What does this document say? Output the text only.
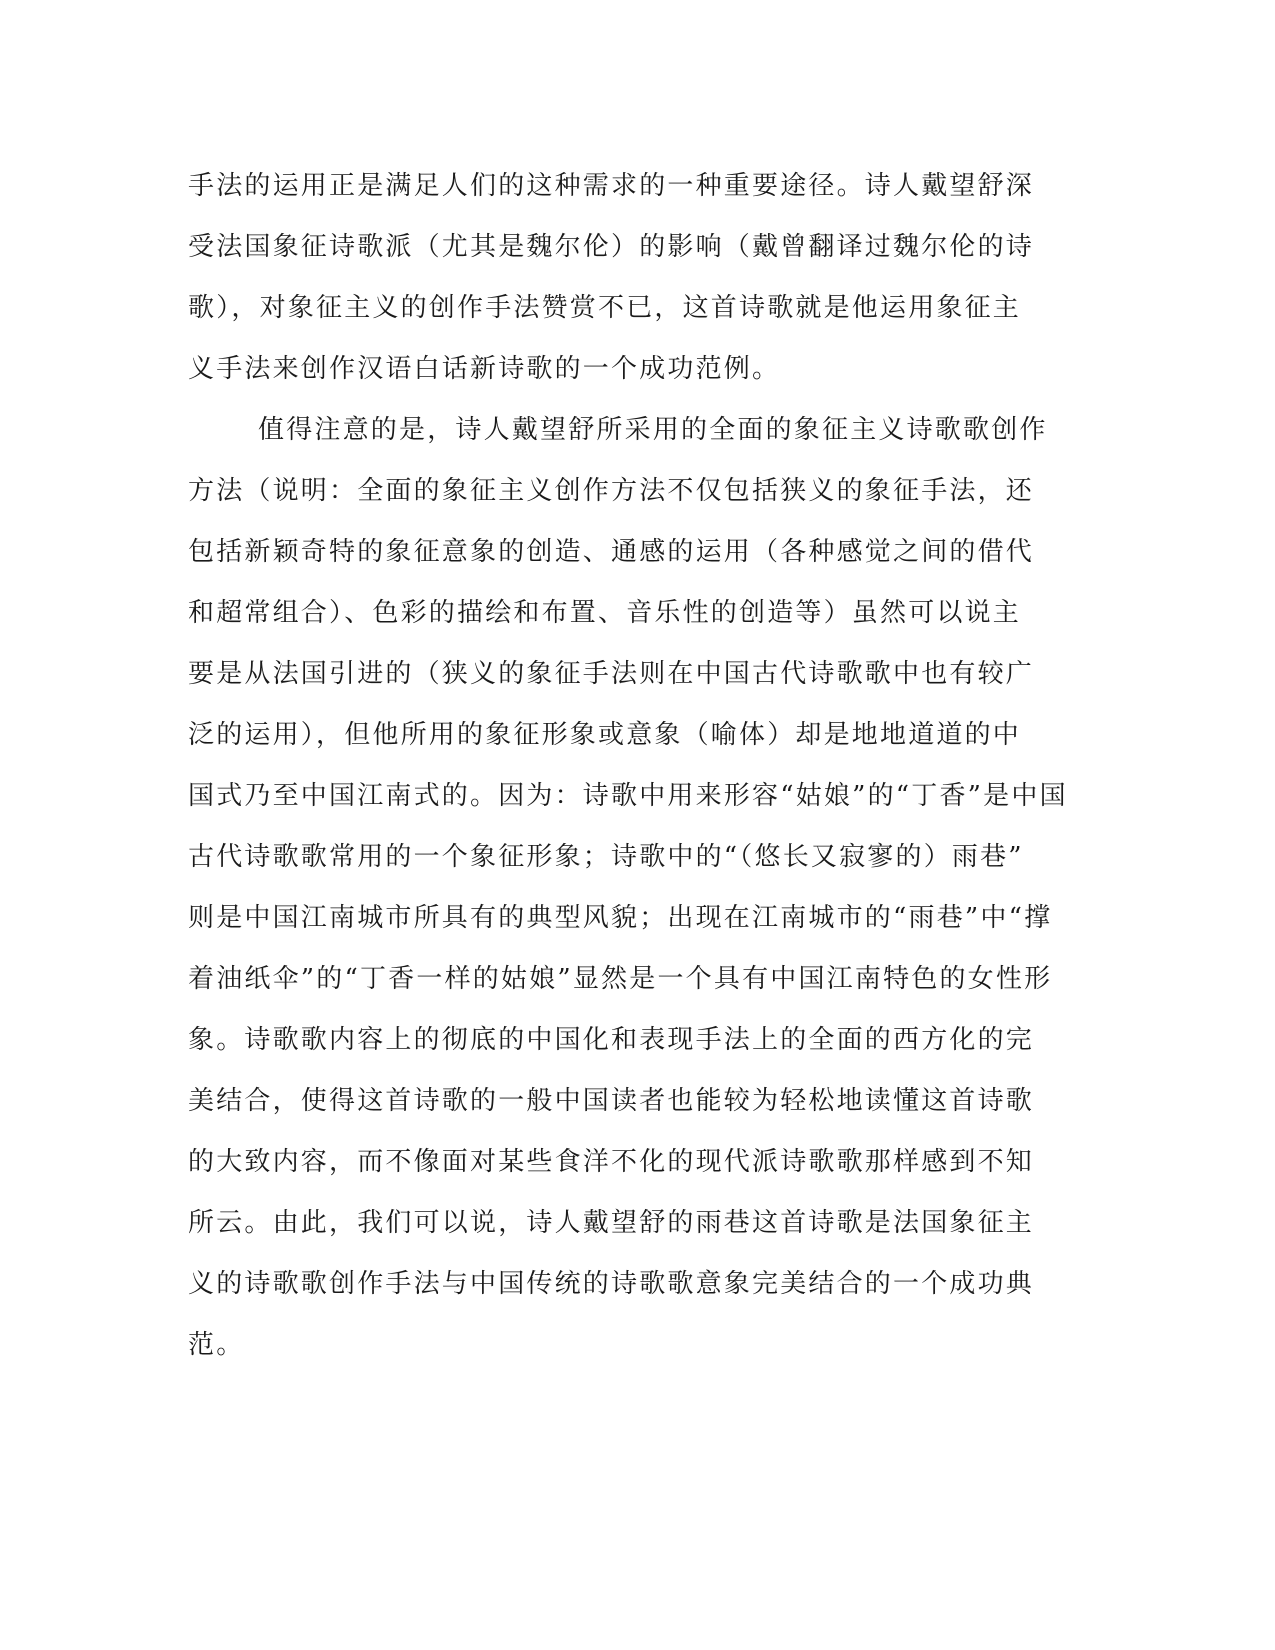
手法的运用正是满足人们的这种需求的一种重要途径。诗人戴望舒深
受法国象征诗歌派（尤其是魏尔伦）的影响（戴曾翻译过魏尔伦的诗
歌），对象征主义的创作手法赞赏不已，这首诗歌就是他运用象征主
义手法来创作汉语白话新诗歌的一个成功范例。
值得注意的是，诗人戴望舒所采用的全面的象征主义诗歌歌创作
方法（说明：全面的象征主义创作方法不仅包括狭义的象征手法，还
包括新颖奇特的象征意象的创造、通感的运用（各种感觉之间的借代
和超常组合）、色彩的描绘和布置、音乐性的创造等）虽然可以说主
要是从法国引进的（狭义的象征手法则在中国古代诗歌歌中也有较广
泛的运用），但他所用的象征形象或意象（喻体）却是地地道道的中
国式乃至中国江南式的。因为：诗歌中用来形容“姑娘”的“丁香”是中国
古代诗歌歌常用的一个象征形象；诗歌中的“（悠长又寂寥的）雨巷”
则是中国江南城市所具有的典型风貌；出现在江南城市的“雨巷”中“撑
着油纸伞”的“丁香一样的姑娘”显然是一个具有中国江南特色的女性形
象。诗歌歌内容上的彻底的中国化和表现手法上的全面的西方化的完
美结合，使得这首诗歌的一般中国读者也能较为轻松地读懂这首诗歌
的大致内容，而不像面对某些食洋不化的现代派诗歌歌那样感到不知
所云。由此，我们可以说，诗人戴望舒的雨巷这首诗歌是法国象征主
义的诗歌歌创作手法与中国传统的诗歌歌意象完美结合的一个成功典
范。
